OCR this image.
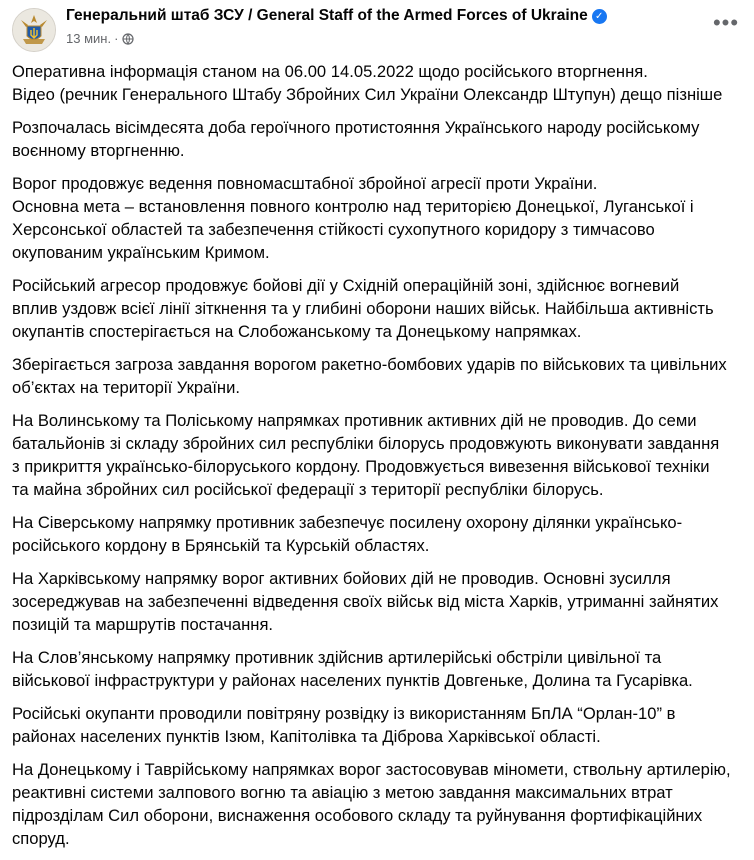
Генеральний штаб ЗСУ / General Staff of the Armed Forces of Ukraine ✓
13 мин. ·
•••

Оперативна інформація станом на 06.00 14.05.2022 щодо російського вторгнення.
Відео (речник Генерального Штабу Збройних Сил України Олександр Штупун) дещо пізніше

Розпочалась вісімдесята доба героїчного протистояння Українського народу російському
воєнному вторгненню.

Ворог продовжує ведення повномасштабної збройної агресії проти України.
Основна мета – встановлення повного контролю над територією Донецької, Луганської і
Херсонської областей та забезпечення стійкості сухопутного коридору з тимчасово
окупованим українським Кримом.

Російський агресор продовжує бойові дії у Східній операційній зоні, здійснює вогневий
вплив уздовж всієї лінії зіткнення та у глибині оборони наших військ. Найбільша активність
окупантів спостерігається на Слобожанському та Донецькому напрямках.

Зберігається загроза завдання ворогом ракетно-бомбових ударів по військових та цивільних
об’єктах на території України.

На Волинському та Поліському напрямках противник активних дій не проводив. До семи
батальйонів зі складу збройних сил республіки білорусь продовжують виконувати завдання
з прикриття українсько-білоруського кордону. Продовжується вивезення військової техніки
та майна збройних сил російської федерації з території республіки білорусь.

На Сіверському напрямку противник забезпечує посилену охорону ділянки українсько-
російського кордону в Брянській та Курській областях.

На Харківському напрямку ворог активних бойових дій не проводив. Основні зусилля
зосереджував на забезпеченні відведення своїх військ від міста Харків, утриманні зайнятих
позицій та маршрутів постачання.

На Слов’янському напрямку противник здійснив артилерійські обстріли цивільної та
військової інфраструктури у районах населених пунктів Довгеньке, Долина та Гусарівка.

Російські окупанти проводили повітряну розвідку із використанням БпЛА “Орлан-10” в
районах населених пунктів Ізюм, Капітолівка та Діброва Харківської області.

На Донецькому і Таврійському напрямках ворог застосовував міномети, ствольну артилерію,
реактивні системи залпового вогню та авіацію з метою завдання максимальних втрат
підрозділам Сил оборони, виснаження особового складу та руйнування фортифікаційних
споруд.
